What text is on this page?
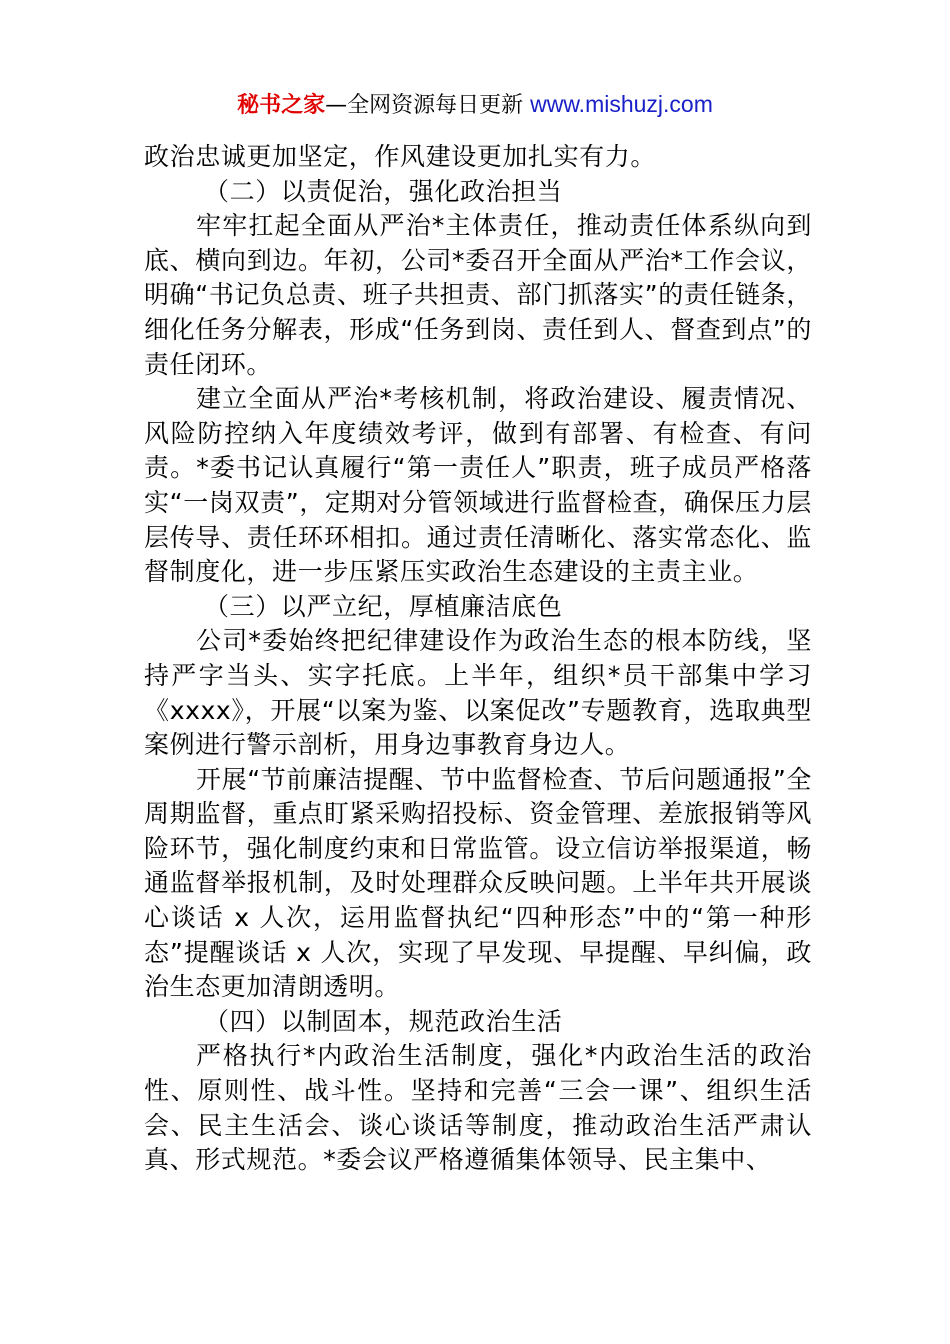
秘书之家—全网资源每日更新 www.mishuzj.com

政治忠诚更加坚定，作风建设更加扎实有力。

（二）以责促治，强化政治担当

牢牢扛起全面从严治*主体责任，推动责任体系纵向到底、横向到边。年初，公司*委召开全面从严治*工作会议，明确“书记负总责、班子共担责、部门抓落实”的责任链条，细化任务分解表，形成“任务到岗、责任到人、督查到点”的责任闭环。

建立全面从严治*考核机制，将政治建设、履责情况、风险防控纳入年度绩效考评，做到有部署、有检查、有问责。*委书记认真履行“第一责任人”职责，班子成员严格落实“一岗双责”，定期对分管领域进行监督检查，确保压力层层传导、责任环环相扣。通过责任清晰化、落实常态化、监督制度化，进一步压紧压实政治生态建设的主责主业。

（三）以严立纪，厚植廉洁底色

公司*委始终把纪律建设作为政治生态的根本防线，坚持严字当头、实字托底。上半年，组织*员干部集中学习《xxxx》，开展“以案为鉴、以案促改”专题教育，选取典型案例进行警示剖析，用身边事教育身边人。

开展“节前廉洁提醒、节中监督检查、节后问题通报”全周期监督，重点盯紧采购招投标、资金管理、差旅报销等风险环节，强化制度约束和日常监管。设立信访举报渠道，畅通监督举报机制，及时处理群众反映问题。上半年共开展谈心谈话 x 人次，运用监督执纪“四种形态”中的“第一种形态”提醒谈话 x 人次，实现了早发现、早提醒、早纠偏，政治生态更加清朗透明。

（四）以制固本，规范政治生活

严格执行*内政治生活制度，强化*内政治生活的政治性、原则性、战斗性。坚持和完善“三会一课”、组织生活会、民主生活会、谈心谈话等制度，推动政治生活严肃认真、形式规范。*委会议严格遵循集体领导、民主集中、
